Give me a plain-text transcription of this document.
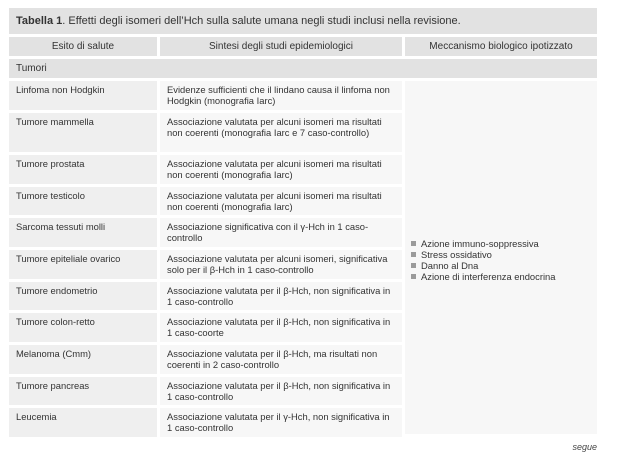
Tabella 1. Effetti degli isomeri dell’Hch sulla salute umana negli studi inclusi nella revisione.
Esito di salute	Sintesi degli studi epidemiologici	Meccanismo biologico ipotizzato
Tumori
Azione immuno-soppressiva
Stress ossidativo
Danno al Dna
Azione di interferenza endocrina
Linfoma non Hodgkin	Evidenze sufficienti che il lindano causa il linfoma non Hodgkin (monografia Iarc)
Tumore mammella	Associazione valutata per alcuni isomeri ma risultati non coerenti (monografia Iarc e 7 caso-controllo)
Tumore prostata	Associazione valutata per alcuni isomeri ma risultati non coerenti (monografia Iarc)
Tumore testicolo	Associazione valutata per alcuni isomeri ma risultati non coerenti (monografia Iarc)
Sarcoma tessuti molli	Associazione significativa con il γ-Hch in 1 caso-controllo
Tumore epiteliale ovarico	Associazione valutata per alcuni isomeri, significativa solo per il β-Hch in 1 caso-controllo
Tumore endometrio	Associazione valutata per il β-Hch, non significativa in 1 caso-controllo
Tumore colon-retto	Associazione valutata per il β-Hch, non significativa in 1 caso-coorte
Melanoma (Cmm)	Associazione valutata per il β-Hch, ma risultati non coerenti in 2 caso-controllo
Tumore pancreas	Associazione valutata per il β-Hch, non significativa in 1 caso-controllo
Leucemia	Associazione valutata per il γ-Hch, non significativa in 1 caso-controllo
segue
